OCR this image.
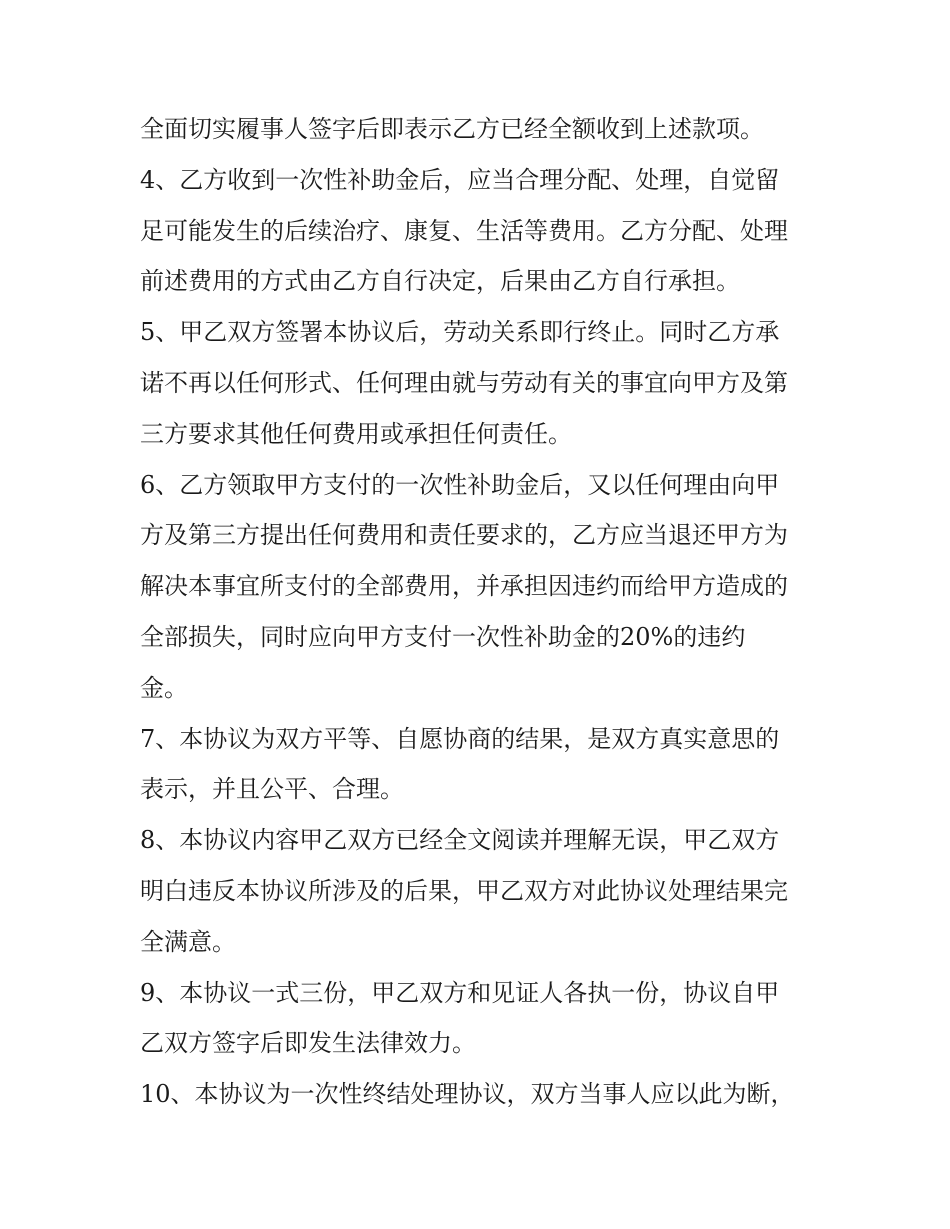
全面切实履事人签字后即表示乙方已经全额收到上述款项。
4、乙方收到一次性补助金后，应当合理分配、处理，自觉留
足可能发生的后续治疗、康复、生活等费用。乙方分配、处理
前述费用的方式由乙方自行决定，后果由乙方自行承担。
5、甲乙双方签署本协议后，劳动关系即行终止。同时乙方承
诺不再以任何形式、任何理由就与劳动有关的事宜向甲方及第
三方要求其他任何费用或承担任何责任。
6、乙方领取甲方支付的一次性补助金后，又以任何理由向甲
方及第三方提出任何费用和责任要求的，乙方应当退还甲方为
解决本事宜所支付的全部费用，并承担因违约而给甲方造成的
全部损失，同时应向甲方支付一次性补助金的20%的违约
金。
7、本协议为双方平等、自愿协商的结果，是双方真实意思的
表示，并且公平、合理。
8、本协议内容甲乙双方已经全文阅读并理解无误，甲乙双方
明白违反本协议所涉及的后果，甲乙双方对此协议处理结果完
全满意。
9、本协议一式三份，甲乙双方和见证人各执一份，协议自甲
乙双方签字后即发生法律效力。
10、本协议为一次性终结处理协议，双方当事人应以此为断，
